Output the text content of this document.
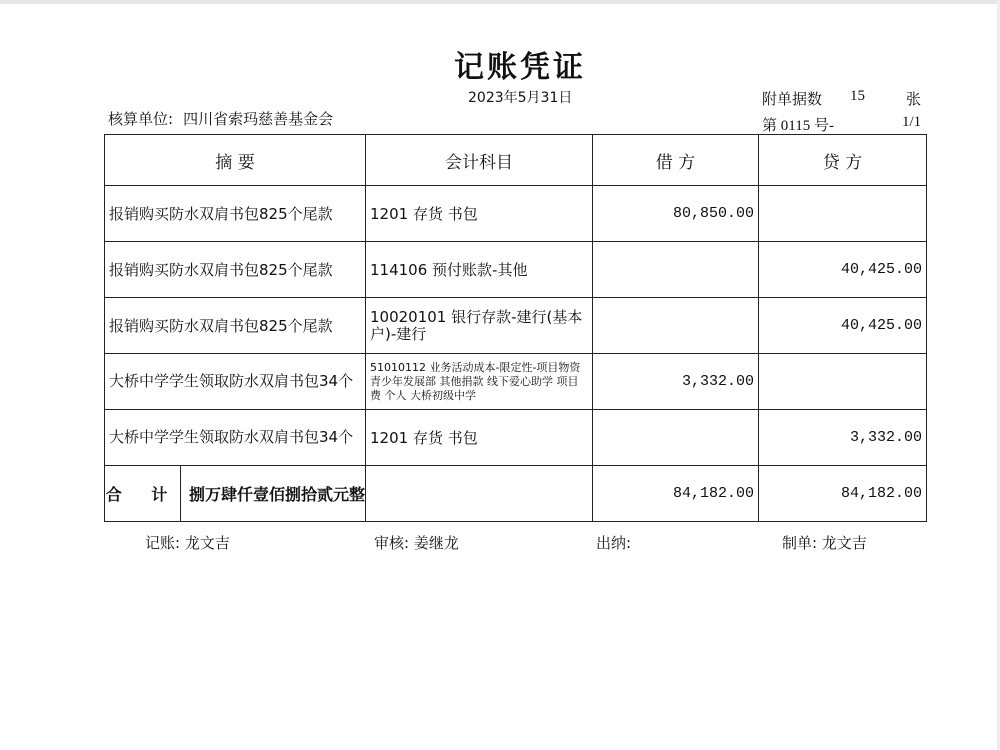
记账凭证
2023年5月31日
核算单位: 四川省索玛慈善基金会
附单据数 15	张
第 0115 号-	1/1
摘 要	会计科目	借 方	贷 方
报销购买防水双肩书包825个尾款	1201 存货 书包	80,850.00	
报销购买防水双肩书包825个尾款	114106 预付账款-其他		40,425.00
报销购买防水双肩书包825个尾款	10020101 银行存款-建行(基本户)-建行		40,425.00
大桥中学学生领取防水双肩书包34个	51010112 业务活动成本-限定性-项目物资 青少年发展部 其他捐款 线下爱心助学 项目费 个人 大桥初级中学	3,332.00	
大桥中学学生领取防水双肩书包34个	1201 存货 书包		3,332.00

合 计 捌万肆仟壹佰捌拾贰元整		84,182.00	84,182.00
记账: 龙文吉	审核: 姜继龙	出纳:	制单: 龙文吉
